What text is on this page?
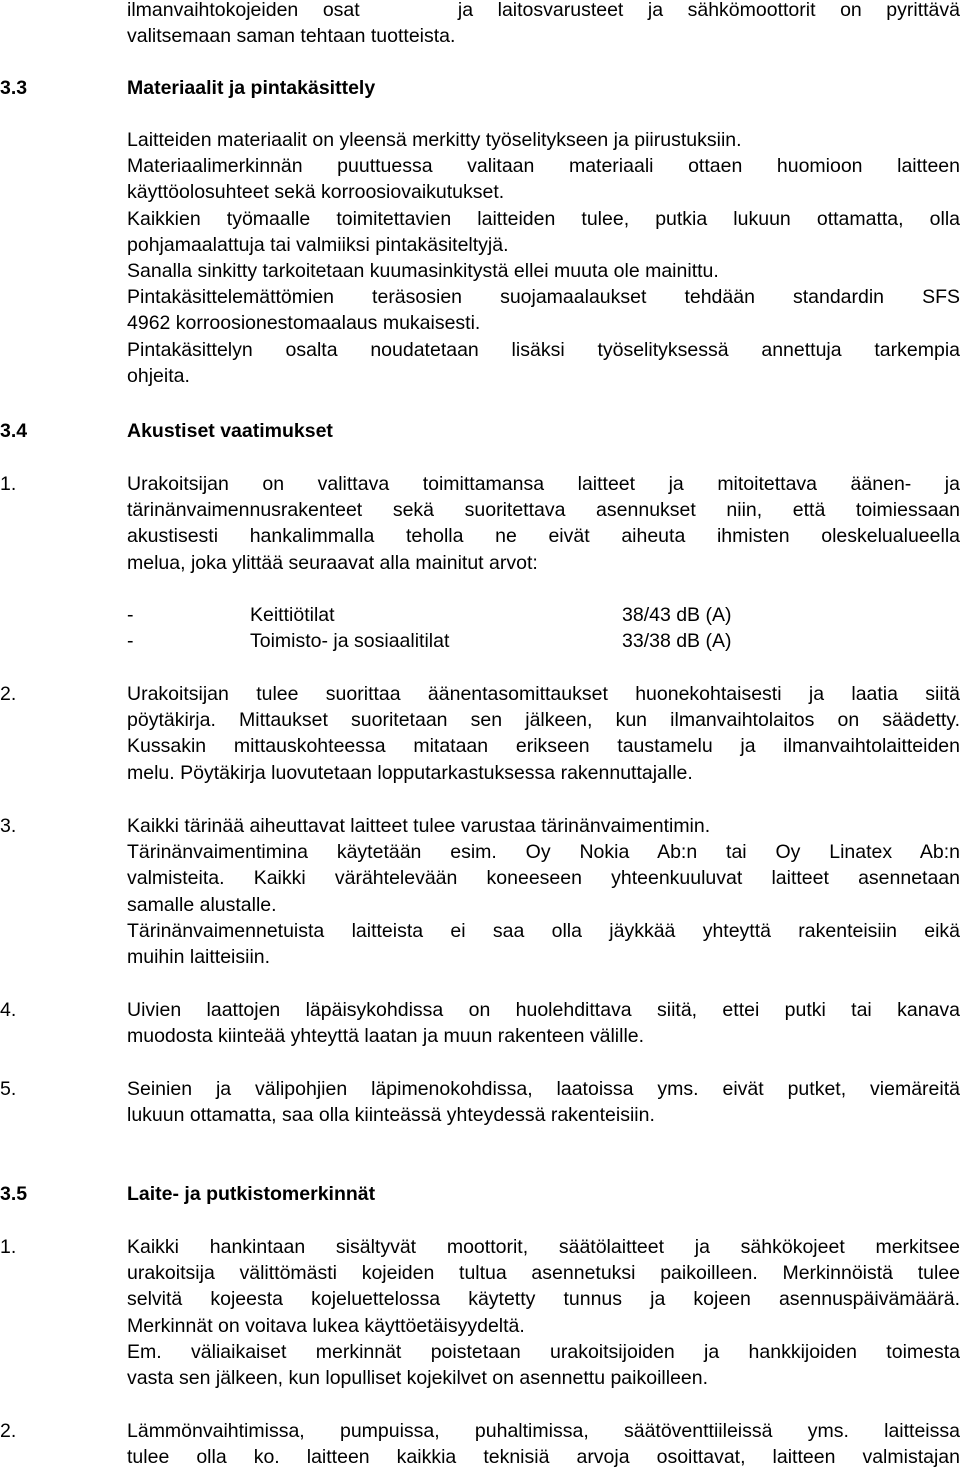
ilmanvaihtokojeiden osat    ja laitosvarusteet ja sähkömoottorit on pyrittävä
valitsemaan saman tehtaan tuotteista.
3.3	Materiaalit ja pintakäsittely
Laitteiden materiaalit on yleensä merkitty työselitykseen ja piirustuksiin.
Materiaalimerkinnän puuttuessa valitaan materiaali ottaen huomioon laitteen
käyttöolosuhteet sekä korroosiovaikutukset.
Kaikkien työmaalle toimitettavien laitteiden tulee, putkia lukuun ottamatta, olla
pohjamaalattuja tai valmiiksi pintakäsiteltyjä.
Sanalla sinkitty tarkoitetaan kuumasinkitystä ellei muuta ole mainittu.
Pintakäsittelemättömien teräsosien suojamaalaukset tehdään standardin SFS
4962 korroosionestomaalaus mukaisesti.
Pintakäsittelyn osalta noudatetaan lisäksi työselityksessä annettuja tarkempia
ohjeita.
3.4	Akustiset vaatimukset
1.	Urakoitsijan on valittava toimittamansa laitteet ja mitoitettava äänen- ja
tärinänvaimennusrakenteet sekä suoritettava asennukset niin, että toimiessaan
akustisesti hankalimmalla teholla ne eivät aiheuta ihmisten oleskelualueella
melua, joka ylittää seuraavat alla mainitut arvot:
-	Keittiötilat	38/43 dB (A)
-	Toimisto- ja sosiaalitilat	33/38 dB (A)
2.	Urakoitsijan tulee suorittaa äänentasomittaukset huonekohtaisesti ja laatia siitä
pöytäkirja. Mittaukset suoritetaan sen jälkeen, kun ilmanvaihtolaitos on säädetty.
Kussakin mittauskohteessa mitataan erikseen taustamelu ja ilmanvaihtolaitteiden
melu. Pöytäkirja luovutetaan lopputarkastuksessa rakennuttajalle.
3.	Kaikki tärinää aiheuttavat laitteet tulee varustaa tärinänvaimentimin.
Tärinänvaimentimina käytetään esim. Oy Nokia Ab:n tai Oy Linatex Ab:n
valmisteita. Kaikki värähtelevään koneeseen yhteenkuuluvat laitteet asennetaan
samalle alustalle.
Tärinänvaimennetuista laitteista ei saa olla jäykkää yhteyttä rakenteisiin eikä
muihin laitteisiin.
4.	Uivien laattojen läpäisykohdissa on huolehdittava siitä, ettei putki tai kanava
muodosta kiinteää yhteyttä laatan ja muun rakenteen välille.
5.	Seinien ja välipohjien läpimenokohdissa, laatoissa yms. eivät putket, viemäreitä
lukuun ottamatta, saa olla kiinteässä yhteydessä rakenteisiin.
3.5	Laite- ja putkistomerkinnät
1.	Kaikki hankintaan sisältyvät moottorit, säätölaitteet ja sähkökojeet merkitsee
urakoitsija välittömästi kojeiden tultua asennetuksi paikoilleen. Merkinnöistä tulee
selvitä kojeesta kojeluettelossa käytetty tunnus ja kojeen asennuspäivämäärä.
Merkinnät on voitava lukea käyttöetäisyydeltä.
Em. väliaikaiset merkinnät poistetaan urakoitsijoiden ja hankkijoiden toimesta
vasta sen jälkeen, kun lopulliset kojekilvet on asennettu paikoilleen.
2.	Lämmönvaihtimissa, pumpuissa, puhaltimissa, säätöventtiileissä yms. laitteissa
tulee olla ko. laitteen kaikkia teknisiä arvoja osoittavat, laitteen valmistajan
